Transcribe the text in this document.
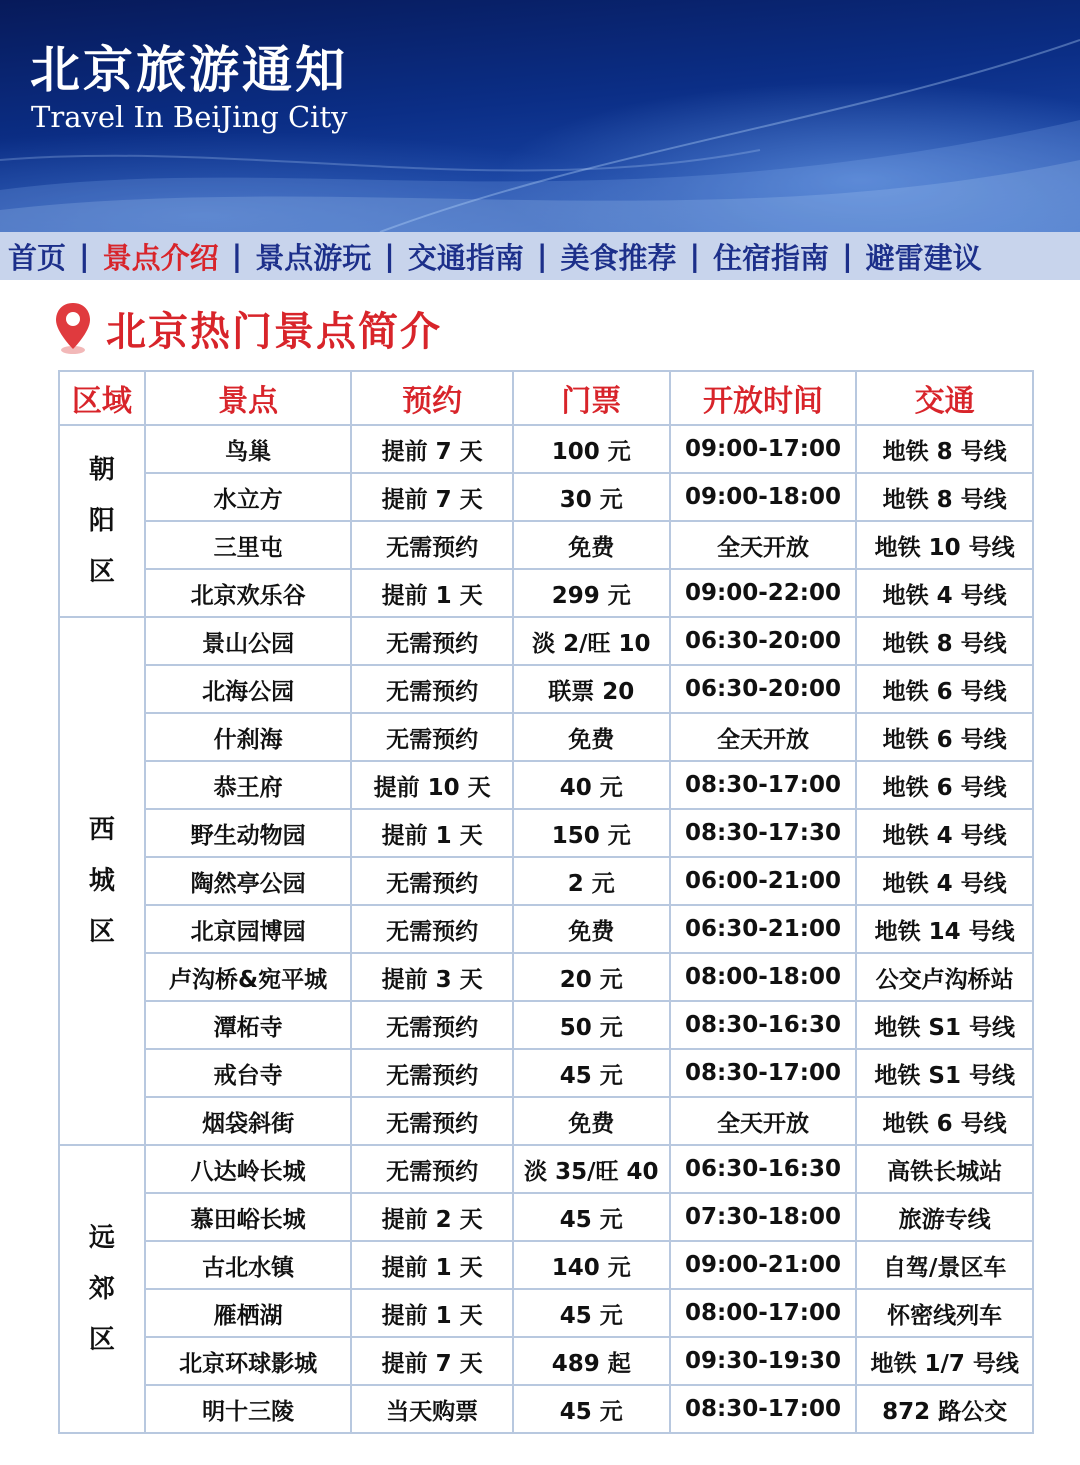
北京旅游通知
Travel In BeiJing City
首页 | 景点介绍 | 景点游玩 | 交通指南 | 美食推荐 | 住宿指南 | 避雷建议
北京热门景点简介
区域	景点	预约	门票	开放时间	交通

朝
阳
区	鸟巢	提前 7 天	100 元	09:00-17:00	地铁 8 号线
	水立方	提前 7 天	30 元	09:00-18:00	地铁 8 号线
	三里屯	无需预约	免费	全天开放	地铁 10 号线
	北京欢乐谷	提前 1 天	299 元	09:00-22:00	地铁 4 号线

西
城
区	景山公园	无需预约	淡 2/旺 10	06:30-20:00	地铁 8 号线
	北海公园	无需预约	联票 20	06:30-20:00	地铁 6 号线
	什刹海	无需预约	免费	全天开放	地铁 6 号线
	恭王府	提前 10 天	40 元	08:30-17:00	地铁 6 号线
	野生动物园	提前 1 天	150 元	08:30-17:30	地铁 4 号线
	陶然亭公园	无需预约	2 元	06:00-21:00	地铁 4 号线
	北京园博园	无需预约	免费	06:30-21:00	地铁 14 号线
	卢沟桥&宛平城	提前 3 天	20 元	08:00-18:00	公交卢沟桥站
	潭柘寺	无需预约	50 元	08:30-16:30	地铁 S1 号线
	戒台寺	无需预约	45 元	08:30-17:00	地铁 S1 号线
	烟袋斜街	无需预约	免费	全天开放	地铁 6 号线

远
郊
区	八达岭长城	无需预约	淡 35/旺 40	06:30-16:30	高铁长城站
	慕田峪长城	提前 2 天	45 元	07:30-18:00	旅游专线
	古北水镇	提前 1 天	140 元	09:00-21:00	自驾/景区车
	雁栖湖	提前 1 天	45 元	08:00-17:00	怀密线列车
	北京环球影城	提前 7 天	489 起	09:30-19:30	地铁 1/7 号线
	明十三陵	当天购票	45 元	08:30-17:00	872 路公交
